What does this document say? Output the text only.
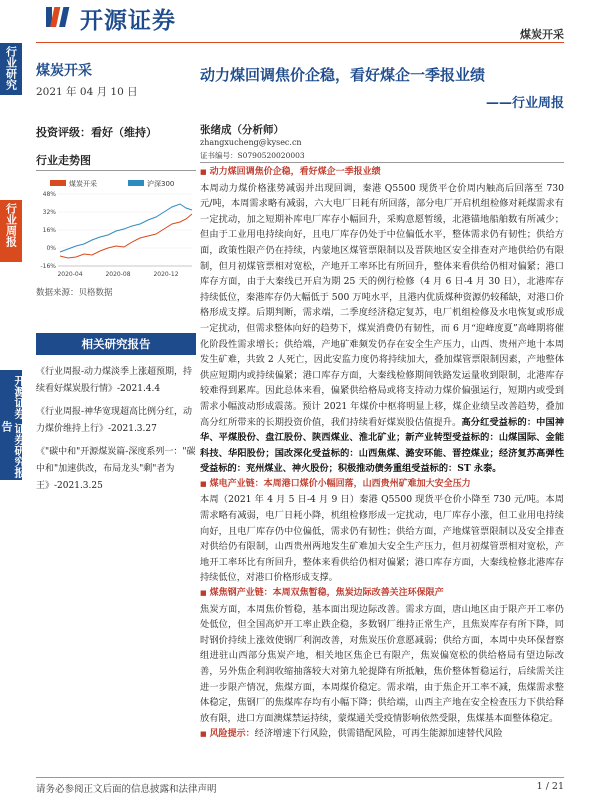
开源证券
煤炭开采
行业研究
行业周报
开源证券 证券研究报告
煤炭开采
2021 年 04 月 10 日
投资评级：看好（维持）
行业走势图
煤炭开采	沪深300
48%
32%
16%
0%
-16%
2020-04	2020-08	2020-12
数据来源：贝格数据
相关研究报告
《行业周报-动力煤淡季上涨超预期，持续看好煤炭股行情》-2021.4.4
《行业周报-神华宽现超高比例分红，动力煤价维持上行》-2021.3.27
《"碳中和"开源煤炭篇-深度系列一："碳中和"加速供改，布局龙头"剩"者为王》-2021.3.25
动力煤回调焦价企稳，看好煤企一季报业绩
——行业周报
张绪成（分析师）
zhangxucheng@kysec.cn
证书编号：S0790520020003

■ 动力煤回调焦价企稳，看好煤企一季报业绩

本周动力煤价格涨势减弱并出现回调，秦港 Q5500 现货平仓价周内触高后回落至 730 元/吨，本周需求略有减弱，六大电厂日耗有所回落，部分电厂开启机组检修对耗煤需求有一定扰动，加之短期补库电厂库存小幅回升，采购意愿暂缓，北港锚地船舶数有所减少；但由于工业用电持续向好，且电厂库存仍处于中位偏低水平，整体需求仍有韧性；供给方面，政策性限产仍在持续，内蒙地区煤管票限制以及晋陕地区安全排查对产地供给仍有限制，但月初煤管票相对宽松，产地开工率环比有所回升，整体来看供给仍相对偏紧；港口库存方面，由于大秦线已开启为期 25 天的例行检修（4 月 6 日-4 月 30 日），北港库存持续低位，秦港库存仍大幅低于 500 万吨水平，且港内优质煤种资源仍较稀缺，对港口价格形成支撑。后期判断，需求端，二季度经济稳定复苏，电厂机组检修及水电恢复或形成一定扰动，但需求整体向好的趋势下，煤炭消费仍有韧性，而 6 月“迎峰度夏”高峰期将催化阶段性需求增长；供给端，产地矿难频发仍存在安全生产压力，山西、贵州产地十本周发生矿难，共致 2 人死亡，因此安监力度仍将持续加大，叠加煤管票限制因素，产地整体供应短期内或持续偏紧；港口库存方面，大秦线检修期间铁路发运量收到限制，北港库存较难得到累库。因此总体来看，偏紧供给格局或将支持动力煤价偏强运行，短期内或受到需求小幅波动形成震荡。预计 2021 年煤价中枢将明显上移，煤企业绩呈改善趋势，叠加高分红所带来的长期投资价值，我们持续看好煤炭股估值提升。高分红受益标的：中国神华、平煤股份、盘江股份、陕西煤业、淮北矿业；新产业转型受益标的：山煤国际、金能科技、华阳股份；国改深化受益标的：山西焦煤、潞安环能、晋控煤业；经济复苏高弹性受益标的：兖州煤业、神火股份；积极推动债务重组受益标的：ST 永泰。

■ 煤电产业链：本周港口煤价小幅回落，山西贵州矿难加大安全压力

本周（2021 年 4 月 5 日-4 月 9 日）秦港 Q5500 现货平仓价小降至 730 元/吨。本周需求略有减弱，电厂日耗小降，机组检修形成一定扰动，电厂库存小涨，但工业用电持续向好，且电厂库存仍中位偏低，需求仍有韧性；供给方面，产地煤管票限制以及安全排查对供给仍有限制，山西贵州两地发生矿难加大安全生产压力，但月初煤管票相对宽松，产地开工率环比有所回升，整体来看供给仍相对偏紧；港口库存方面，大秦线检修北港库存持续低位，对港口价格形成支撑。

■ 煤焦钢产业链：本周双焦暂稳，焦炭边际改善关注环保限产

焦炭方面，本周焦价暂稳，基本面出现边际改善。需求方面，唐山地区由于限产开工率仍处低位，但全国高炉开工率止跌企稳，多数钢厂维持正常生产，且焦炭库存有所下降，同时钢价持续上涨效使钢厂利润改善，对焦炭压价意愿减弱；供给方面，本周中央环保督察组进驻山西部分焦炭产地，相关地区焦企已有限产，焦炭偏宽松的供给格局有望边际改善，另外焦企利润收缩抽落较大对第九轮提降有所抵触，焦价整体暂稳运行，后续需关注进一步限产情况，焦煤方面，本周煤价稳定。需求端，由于焦企开工率不减，焦煤需求整体稳定，焦钢厂的焦煤库存均有小幅下降；供给端，山西主产地在安全检查压力下供给释放有限，进口方面澳煤禁运持续，蒙煤通关受疫情影响依然受限，焦煤基本面整体稳定。

■ 风险提示：经济增速下行风险，供需错配风险，可再生能源加速替代风险

请务必参阅正文后面的信息披露和法律声明	1 / 21
